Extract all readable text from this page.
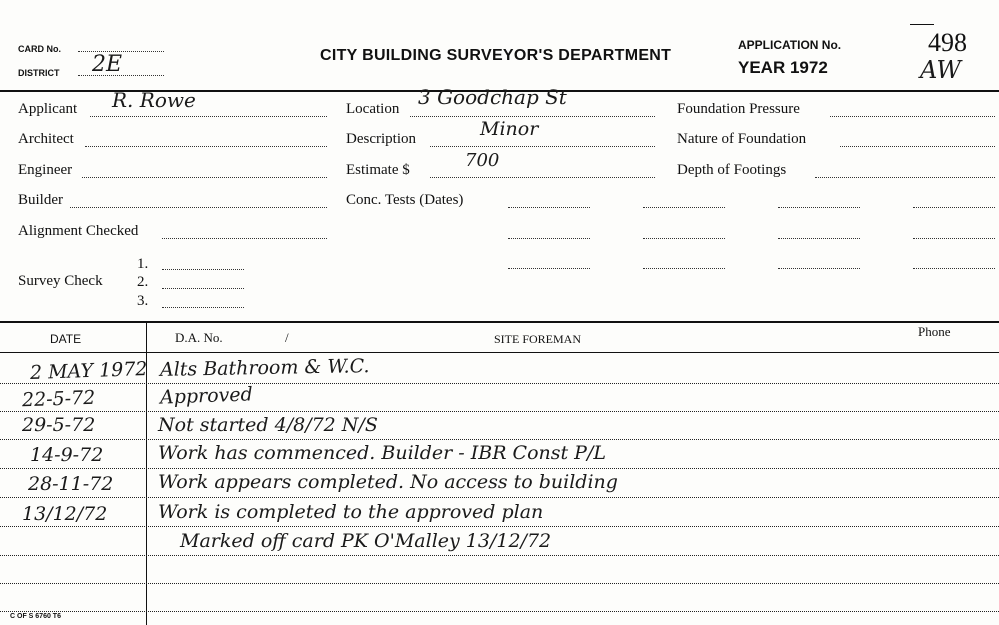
CARD No.
DISTRICT 2E	CITY BUILDING SURVEYOR'S DEPARTMENT
APPLICATION No.
YEAR 1972
498
AW
Applicant R. Rowe
Architect
Engineer
Builder
Alignment Checked
Survey Check
1.
2.
3.
Location 3 Goodchap St
Description	Minor
Estimate $	700
Conc. Tests (Dates)
Foundation Pressure
Nature of Foundation
Depth of Footings
DATE	D.A. No.	/	SITE FOREMAN	Phone
2 MAY 1972 Alts Bathroom & W.C.
22-5-72	Approved
29-5-72	Not started 4/8/72 N/S
14-9-72	Work has commenced. Builder - IBR Const P/L
28-11-72 Work appears completed. No access to building
13/12/72	Work is completed to the approved plan
Marked off card PK O'Malley 13/12/72
C OF S 6760 T6
